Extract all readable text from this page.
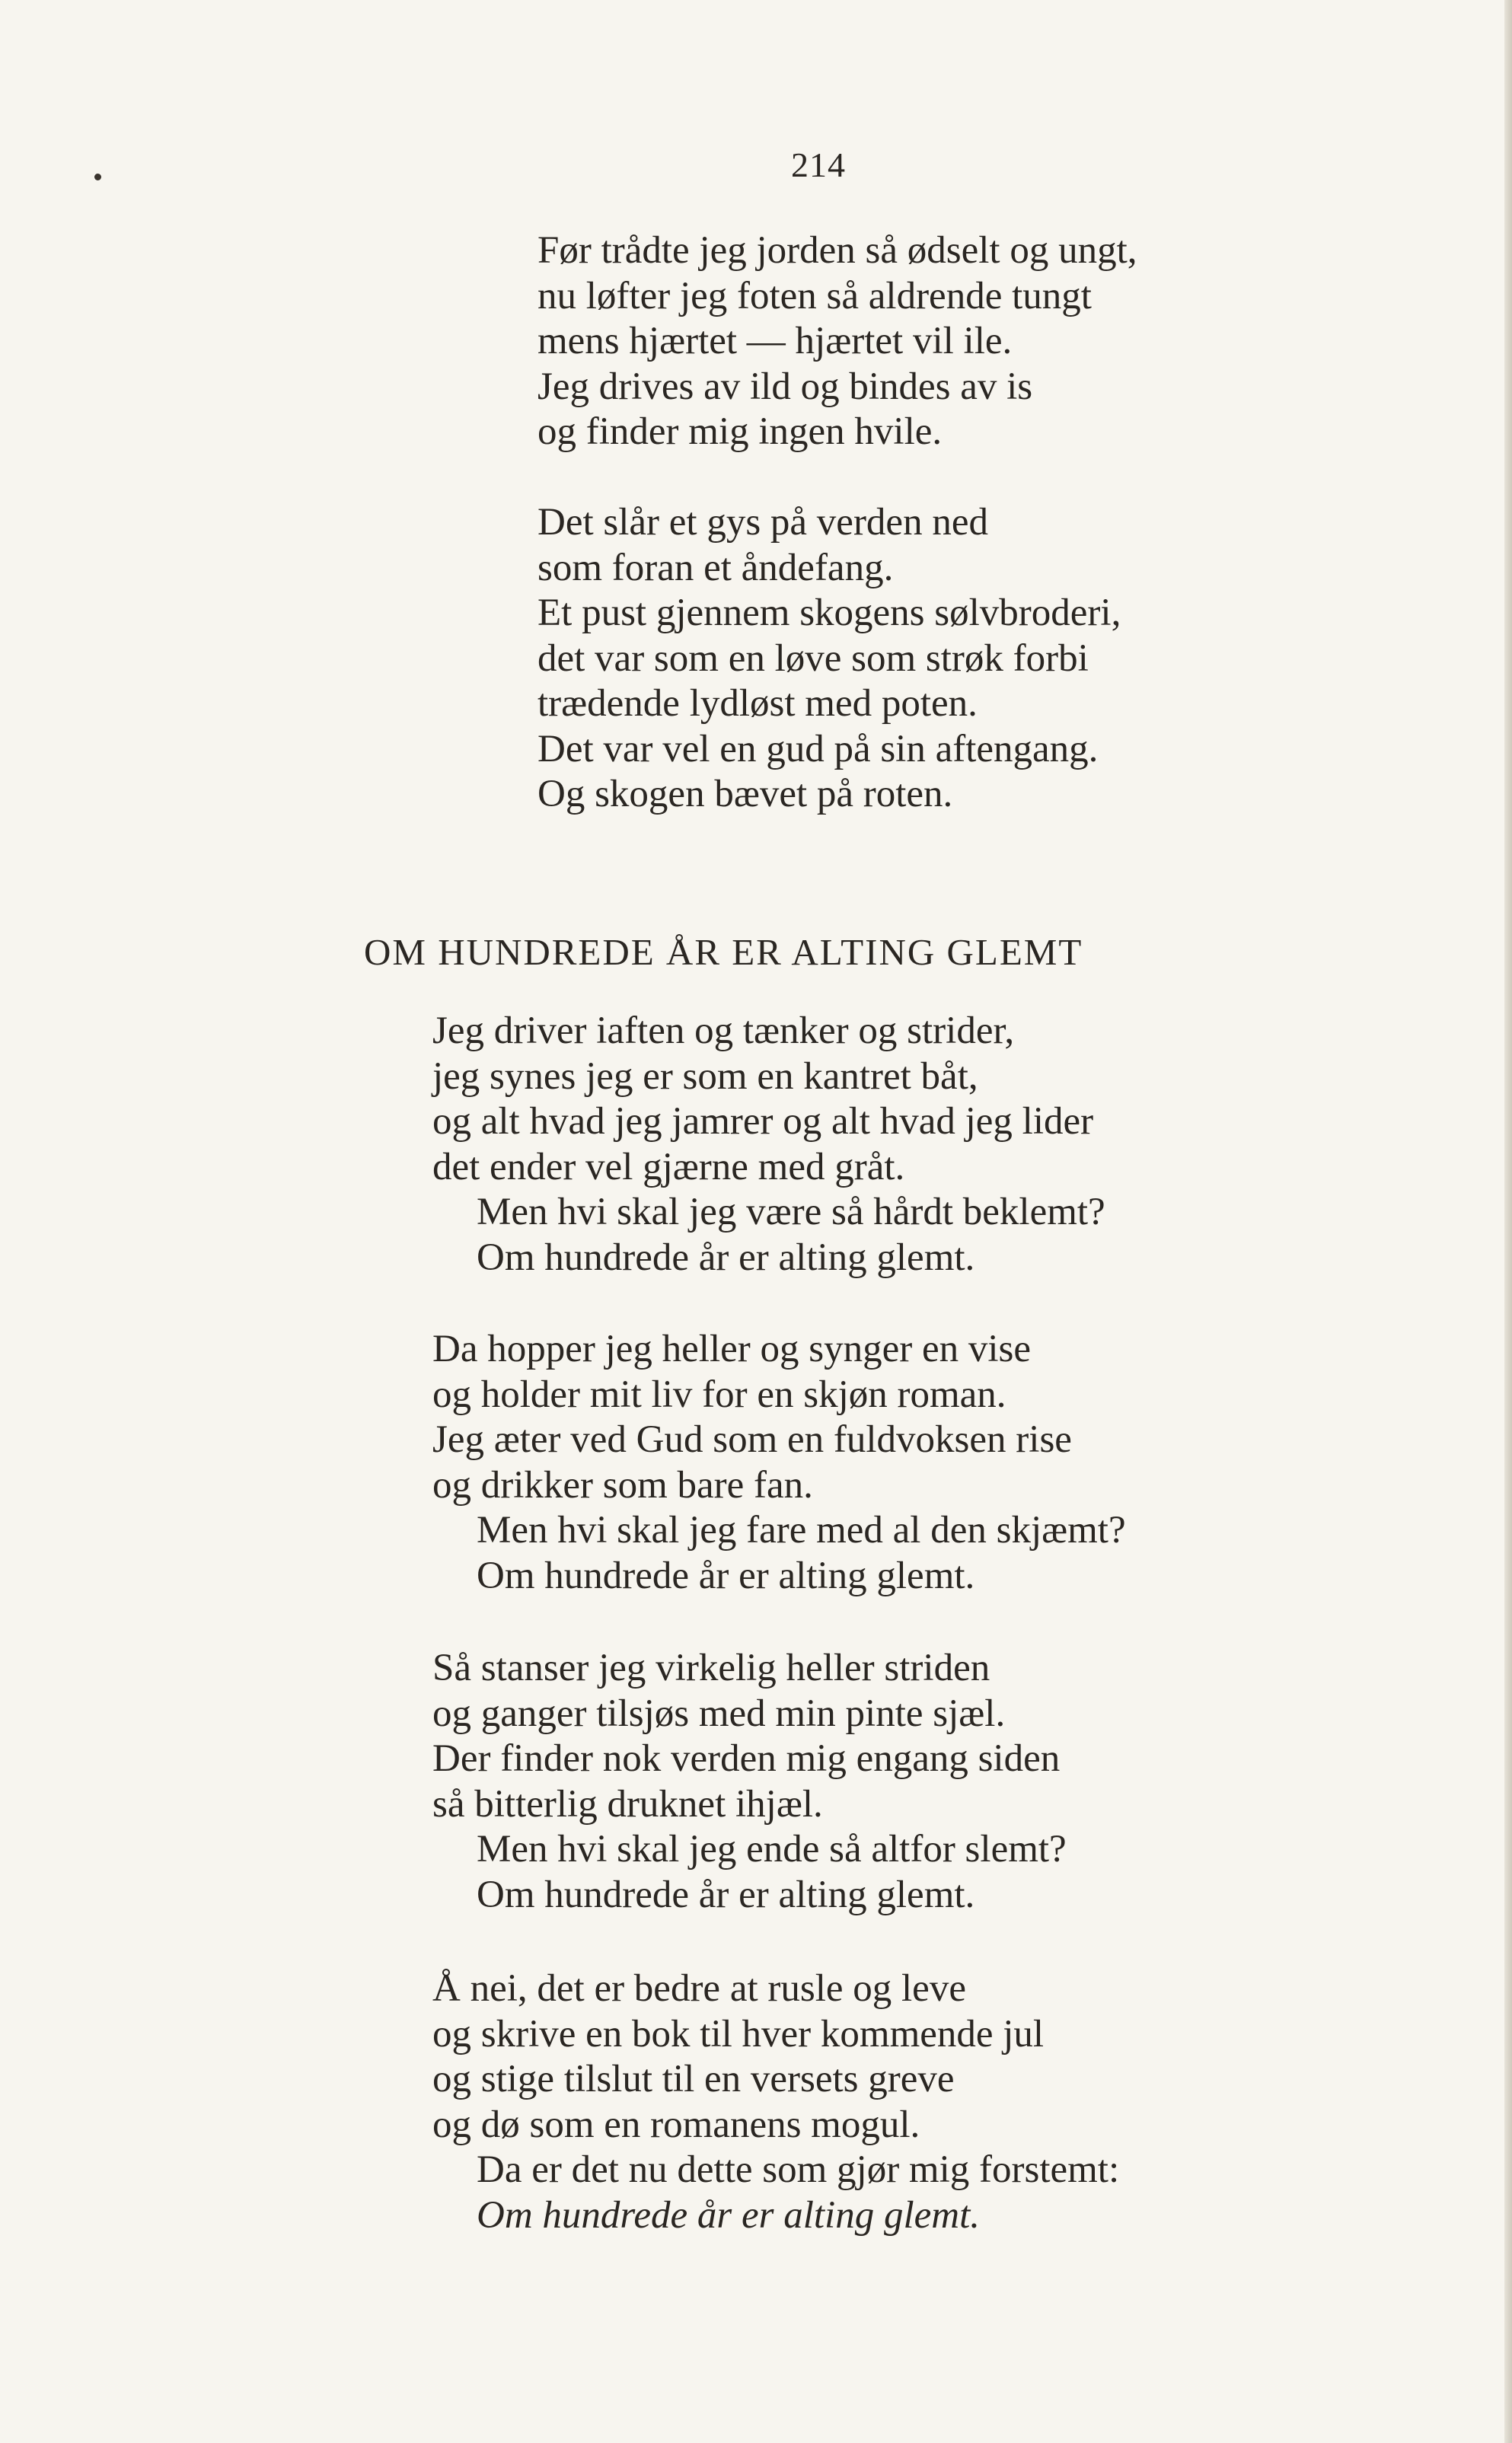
214
Før trådte jeg jorden så ødselt og ungt,
nu løfter jeg foten så aldrende tungt
mens hjærtet — hjærtet vil ile.
Jeg drives av ild og bindes av is
og finder mig ingen hvile.
Det slår et gys på verden ned
som foran et åndefang.
Et pust gjennem skogens sølvbroderi,
det var som en løve som strøk forbi
trædende lydløst med poten.
Det var vel en gud på sin aftengang.
Og skogen bævet på roten.
OM HUNDREDE ÅR ER ALTING GLEMT
Jeg driver iaften og tænker og strider,
jeg synes jeg er som en kantret båt,
og alt hvad jeg jamrer og alt hvad jeg lider
det ender vel gjærne med gråt.
Men hvi skal jeg være så hårdt beklemt?
Om hundrede år er alting glemt.
Da hopper jeg heller og synger en vise
og holder mit liv for en skjøn roman.
Jeg æter ved Gud som en fuldvoksen rise
og drikker som bare fan.
Men hvi skal jeg fare med al den skjæmt?
Om hundrede år er alting glemt.
Så stanser jeg virkelig heller striden
og ganger tilsjøs med min pinte sjæl.
Der finder nok verden mig engang siden
så bitterlig druknet ihjæl.
Men hvi skal jeg ende så altfor slemt?
Om hundrede år er alting glemt.
Å nei, det er bedre at rusle og leve
og skrive en bok til hver kommende jul
og stige tilslut til en versets greve
og dø som en romanens mogul.
Da er det nu dette som gjør mig forstemt:
Om hundrede år er alting glemt.
